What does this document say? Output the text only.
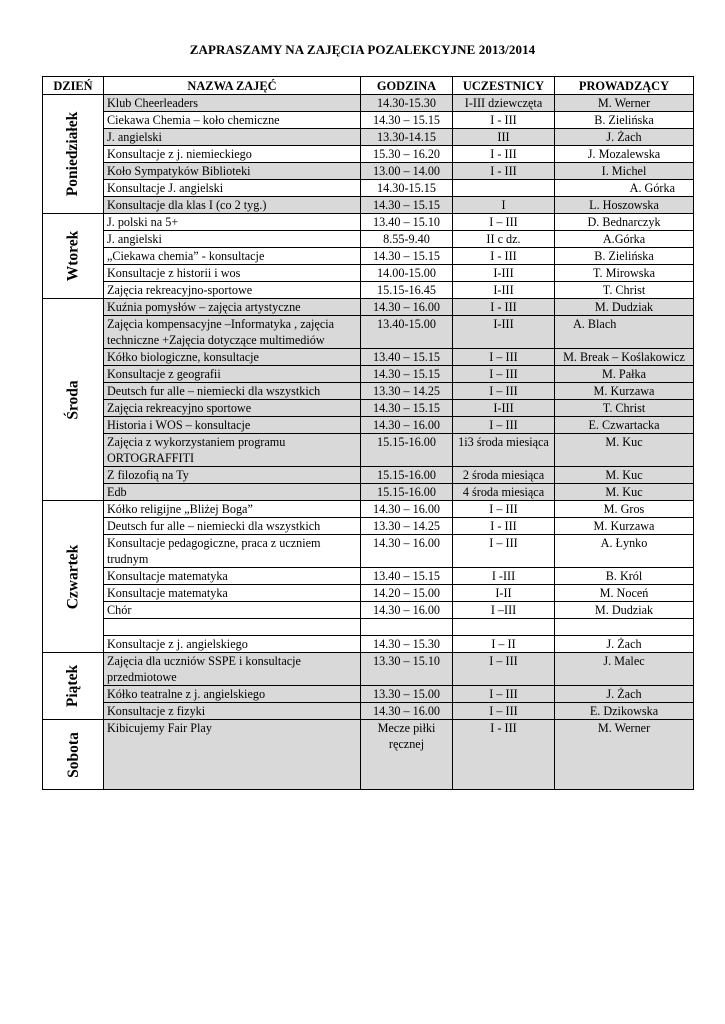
ZAPRASZAMY NA ZAJĘCIA POZALEKCYJNE 2013/2014
DZIEŃ	NAZWA ZAJĘĆ	GODZINA	UCZESTNICY	PROWADZĄCY

Poniedziałek	Klub Cheerleaders	14.30-15.30	I-III dziewczęta	M. Werner
	Ciekawa Chemia – koło chemiczne	14.30 – 15.15	I - III	B. Zielińska
	J. angielski	13.30-14.15	III	J. Żach
	Konsultacje z j. niemieckiego	15.30 – 16.20	I - III	J. Mozalewska
	Koło Sympatyków Biblioteki	13.00 – 14.00	I - III	I. Michel
	Konsultacje J. angielski	14.30-15.15		A. Górka
	Konsultacje dla klas I (co 2 tyg.)	14.30 – 15.15	I	L. Hoszowska

Wtorek	J. polski na 5+	13.40 – 15.10	I – III	D. Bednarczyk
	J. angielski	8.55-9.40	II c dz.	A.Górka
	„Ciekawa chemia” - konsultacje	14.30 – 15.15	I - III	B. Zielińska
	Konsultacje z historii i wos	14.00-15.00	I-III	T. Mirowska
	Zajęcia rekreacyjno-sportowe	15.15-16.45	I-III	T. Christ

Środa	Kuźnia pomysłów – zajęcia artystyczne	14.30 – 16.00	I - III	M. Dudziak
	Zajęcia kompensacyjne –Informatyka , zajęcia techniczne +Zajęcia dotyczące multimediów	13.40-15.00	I-III	A. Blach
	Kółko biologiczne, konsultacje	13.40 – 15.15	I – III	M. Break – Koślakowicz
	Konsultacje z geografii	14.30 – 15.15	I – III	M. Pałka
	Deutsch fur alle – niemiecki dla wszystkich	13.30 – 14.25	I – III	M. Kurzawa
	Zajęcia rekreacyjno sportowe	14.30 – 15.15	I-III	T. Christ
	Historia i WOS – konsultacje	14.30 – 16.00	I – III	E. Czwartacka
	Zajęcia z wykorzystaniem programu ORTOGRAFFITI	15.15-16.00	1i3 środa miesiąca	M. Kuc
	Z filozofią na Ty	15.15-16.00	2 środa miesiąca	M. Kuc
	Edb	15.15-16.00	4 środa miesiąca	M. Kuc

Czwartek	Kółko religijne „Bliżej Boga”	14.30 – 16.00	I – III	M. Gros
	Deutsch fur alle – niemiecki dla wszystkich	13.30 – 14.25	I - III	M. Kurzawa
	Konsultacje pedagogiczne, praca z uczniem trudnym	14.30 – 16.00	I – III	A. Łynko
	Konsultacje matematyka	13.40 – 15.15	I -III	B. Król
	Konsultacje matematyka	14.20 – 15.00	I-II	M. Noceń
	Chór	14.30 – 16.00	I –III	M. Dudziak

	Konsultacje z j. angielskiego	14.30 – 15.30	I – II	J. Żach

Piątek	Zajęcia dla uczniów SSPE i konsultacje przedmiotowe	13.30 – 15.10	I – III	J. Malec
	Kółko teatralne z j. angielskiego	13.30 – 15.00	I – III	J. Żach
	Konsultacje z fizyki	14.30 – 16.00	I – III	E. Dzikowska

Sobota	Kibicujemy Fair Play	Mecze piłki ręcznej	I - III	M. Werner
